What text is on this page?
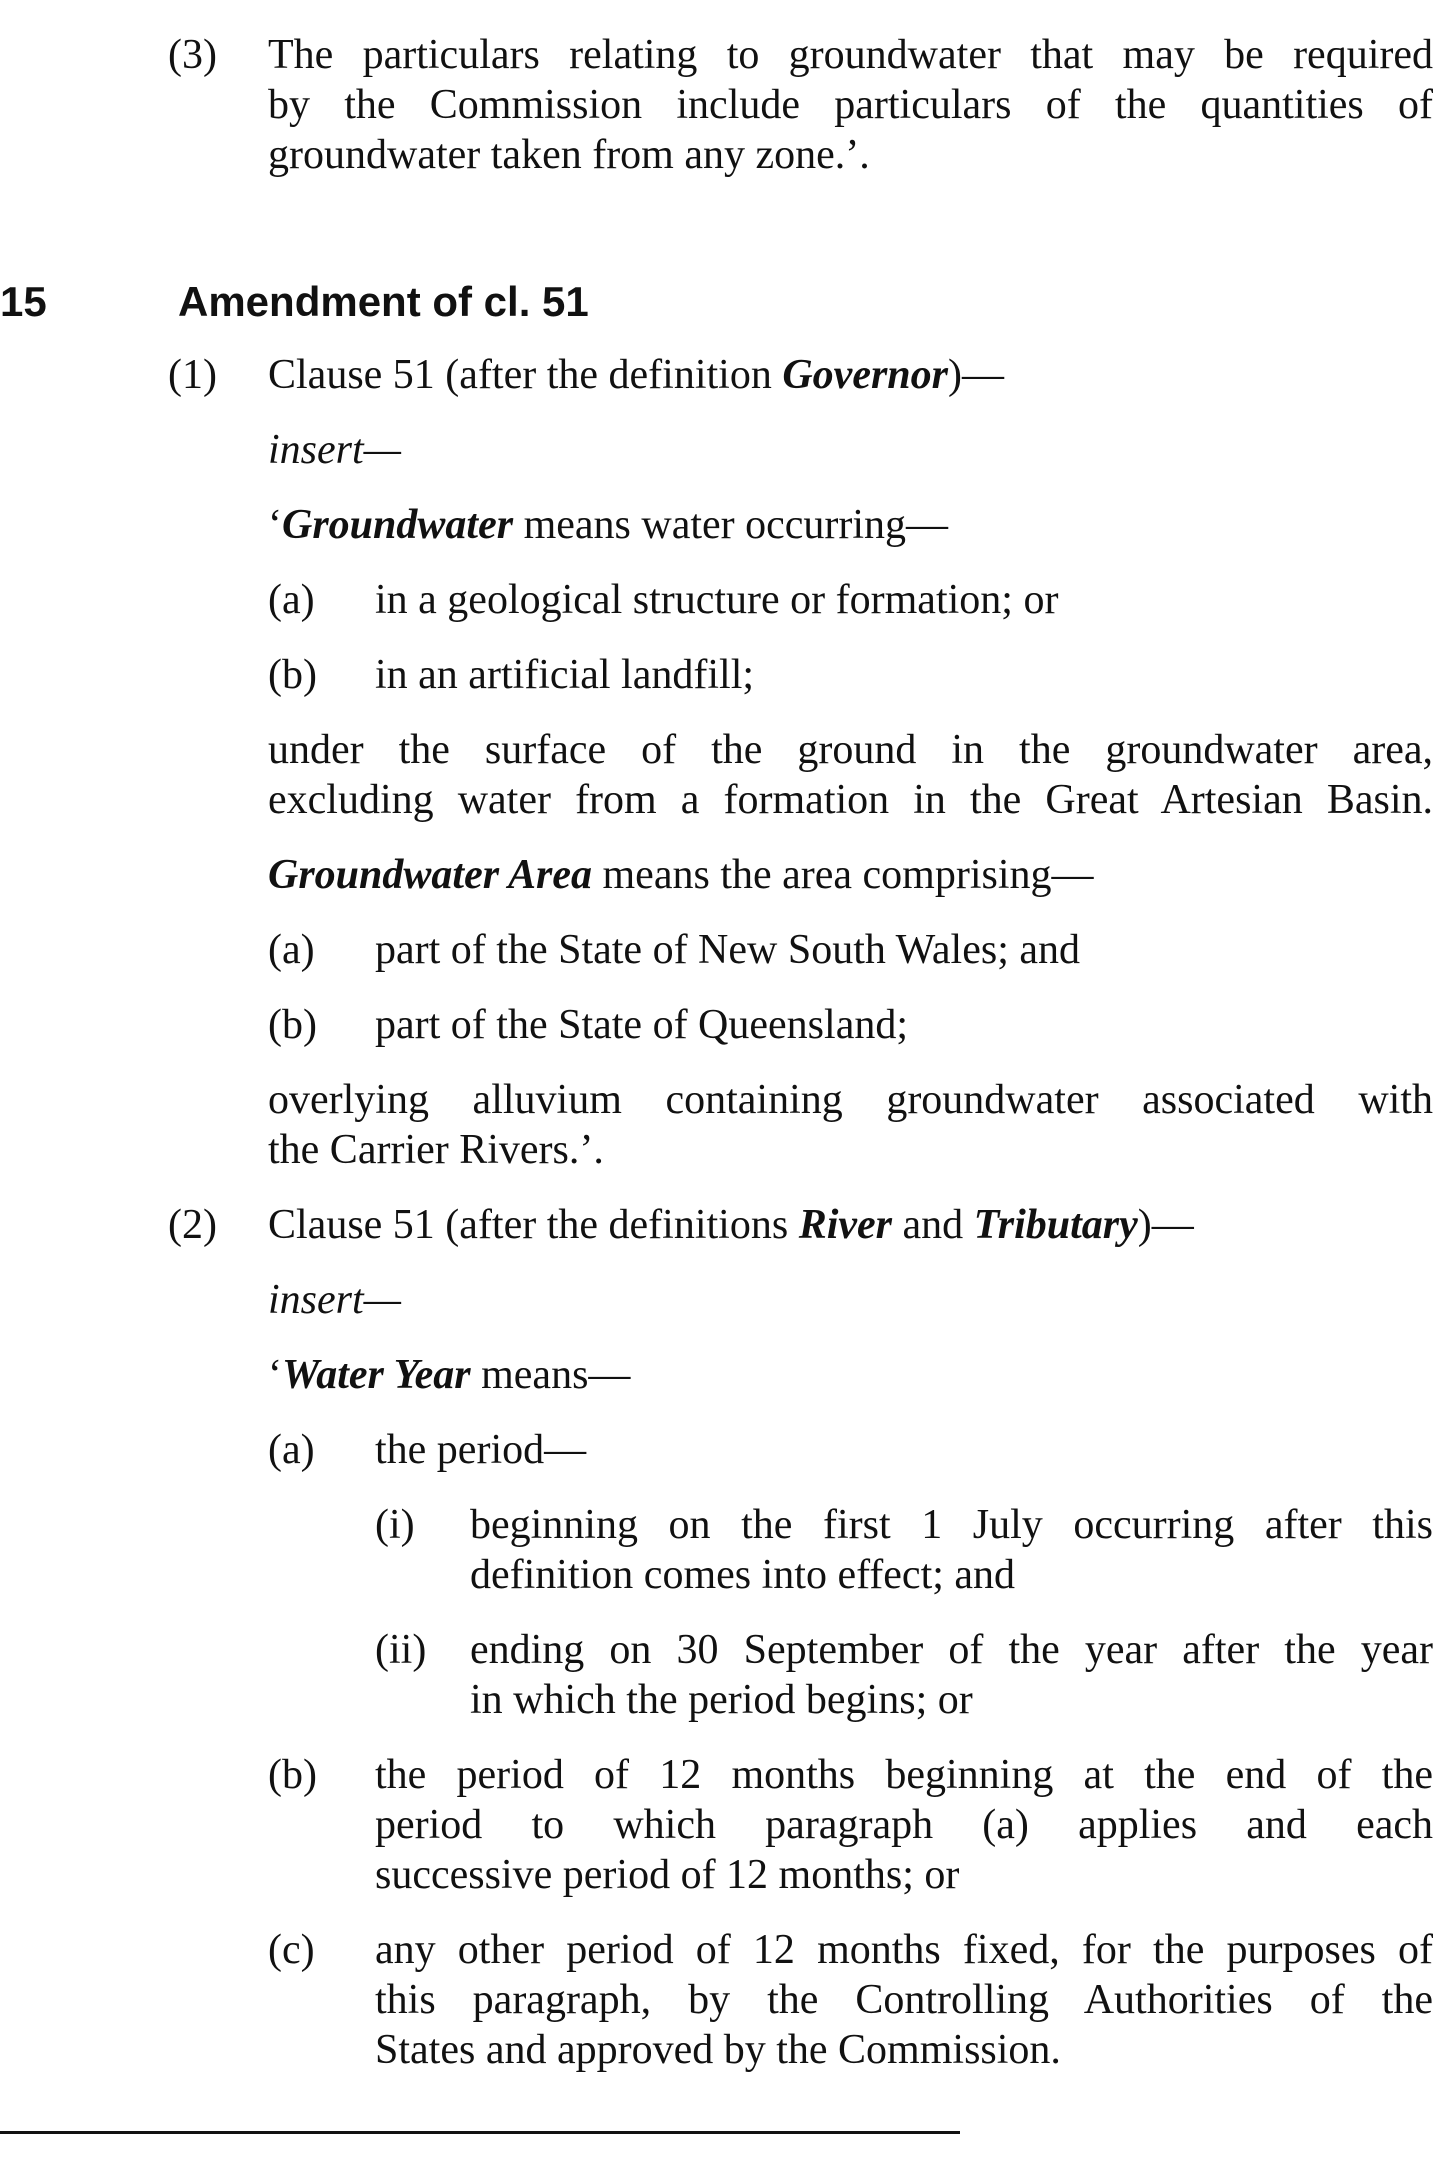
(3) The particulars relating to groundwater that may be required
by the Commission include particulars of the quantities of
groundwater taken from any zone.’.
15	Amendment of cl. 51
(1) Clause 51 (after the definition Governor)—
insert—
‘Groundwater means water occurring—
(a) in a geological structure or formation; or
(b) in an artificial landfill;
under the surface of the ground in the groundwater area,
excluding water from a formation in the Great Artesian Basin.
Groundwater Area means the area comprising—
(a) part of the State of New South Wales; and
(b) part of the State of Queensland;
overlying alluvium containing groundwater associated with
the Carrier Rivers.’.
(2) Clause 51 (after the definitions River and Tributary)—
insert—
‘Water Year means—
(a) the period—
(i) beginning on the first 1 July occurring after this
definition comes into effect; and
(ii) ending on 30 September of the year after the year
in which the period begins; or
(b) the period of 12 months beginning at the end of the
period to which paragraph (a) applies and each
successive period of 12 months; or
(c) any other period of 12 months fixed, for the purposes of
this paragraph, by the Controlling Authorities of the
States and approved by the Commission.
